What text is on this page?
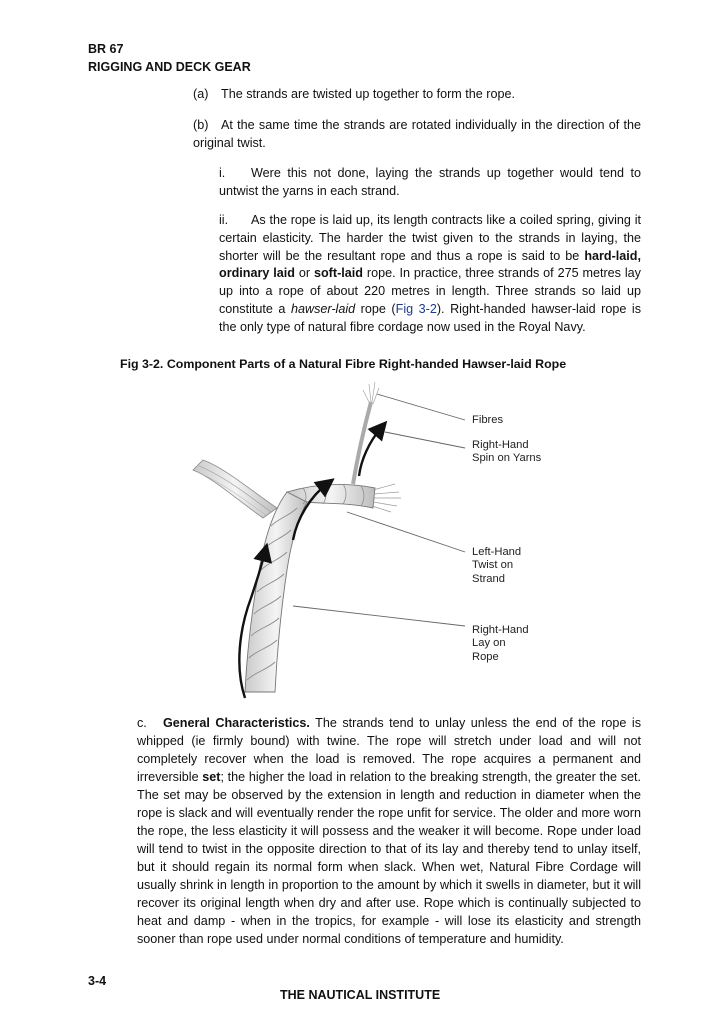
BR 67
RIGGING AND DECK GEAR
(a) The strands are twisted up together to form the rope.
(b) At the same time the strands are rotated individually in the direction of the original twist.
i. Were this not done, laying the strands up together would tend to untwist the yarns in each strand.
ii. As the rope is laid up, its length contracts like a coiled spring, giving it certain elasticity. The harder the twist given to the strands in laying, the shorter will be the resultant rope and thus a rope is said to be hard-laid, ordinary laid or soft-laid rope. In practice, three strands of 275 metres lay up into a rope of about 220 metres in length. Three strands so laid up constitute a hawser-laid rope (Fig 3-2). Right-handed hawser-laid rope is the only type of natural fibre cordage now used in the Royal Navy.
Fig 3-2. Component Parts of a Natural Fibre Right-handed Hawser-laid Rope
Fibres
Right-Hand
Spin on Yarns
Left-Hand
Twist on
Strand
Right-Hand
Lay on
Rope
c. General Characteristics. The strands tend to unlay unless the end of the rope is whipped (ie firmly bound) with twine. The rope will stretch under load and will not completely recover when the load is removed. The rope acquires a permanent and irreversible set; the higher the load in relation to the breaking strength, the greater the set. The set may be observed by the extension in length and reduction in diameter when the rope is slack and will eventually render the rope unfit for service. The older and more worn the rope, the less elasticity it will possess and the weaker it will become. Rope under load will tend to twist in the opposite direction to that of its lay and thereby tend to unlay itself, but it should regain its normal form when slack. When wet, Natural Fibre Cordage will usually shrink in length in proportion to the amount by which it swells in diameter, but it will recover its original length when dry and after use. Rope which is continually subjected to heat and damp - when in the tropics, for example - will lose its elasticity and strength sooner than rope used under normal conditions of temperature and humidity.
3-4
THE NAUTICAL INSTITUTE
